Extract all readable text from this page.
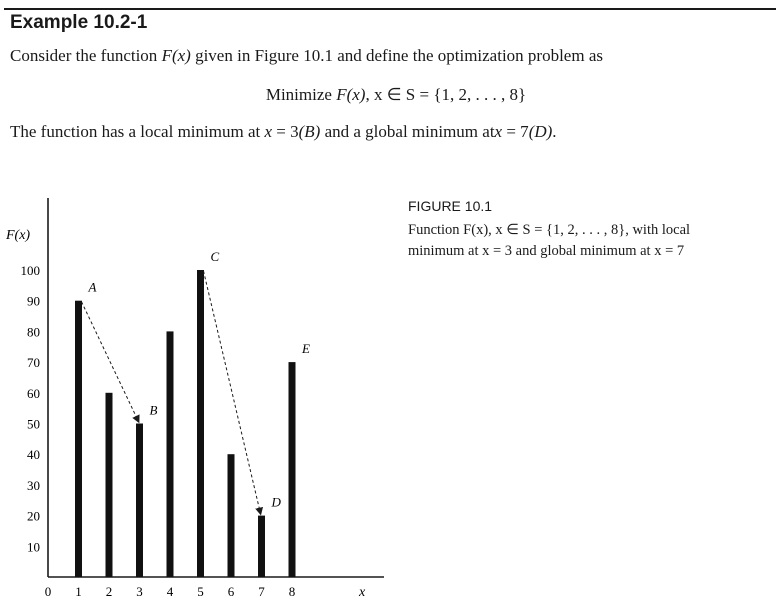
Example 10.2-1
Consider the function F(x) given in Figure 10.1 and define the optimization problem as
Minimize F(x), x ∈ S = {1, 2, . . . , 8}
The function has a local minimum at x = 3(B) and a global minimum atx = 7(D).
F(x)
x
10
20
30
40
50
60
70
80
90
100
0 1 2 3 4 5 6 7 8
A
B
C
D
E
FIGURE 10.1
Function F(x), x ∈ S = {1, 2, . . . , 8}, with local
minimum at x = 3 and global minimum at x = 7
